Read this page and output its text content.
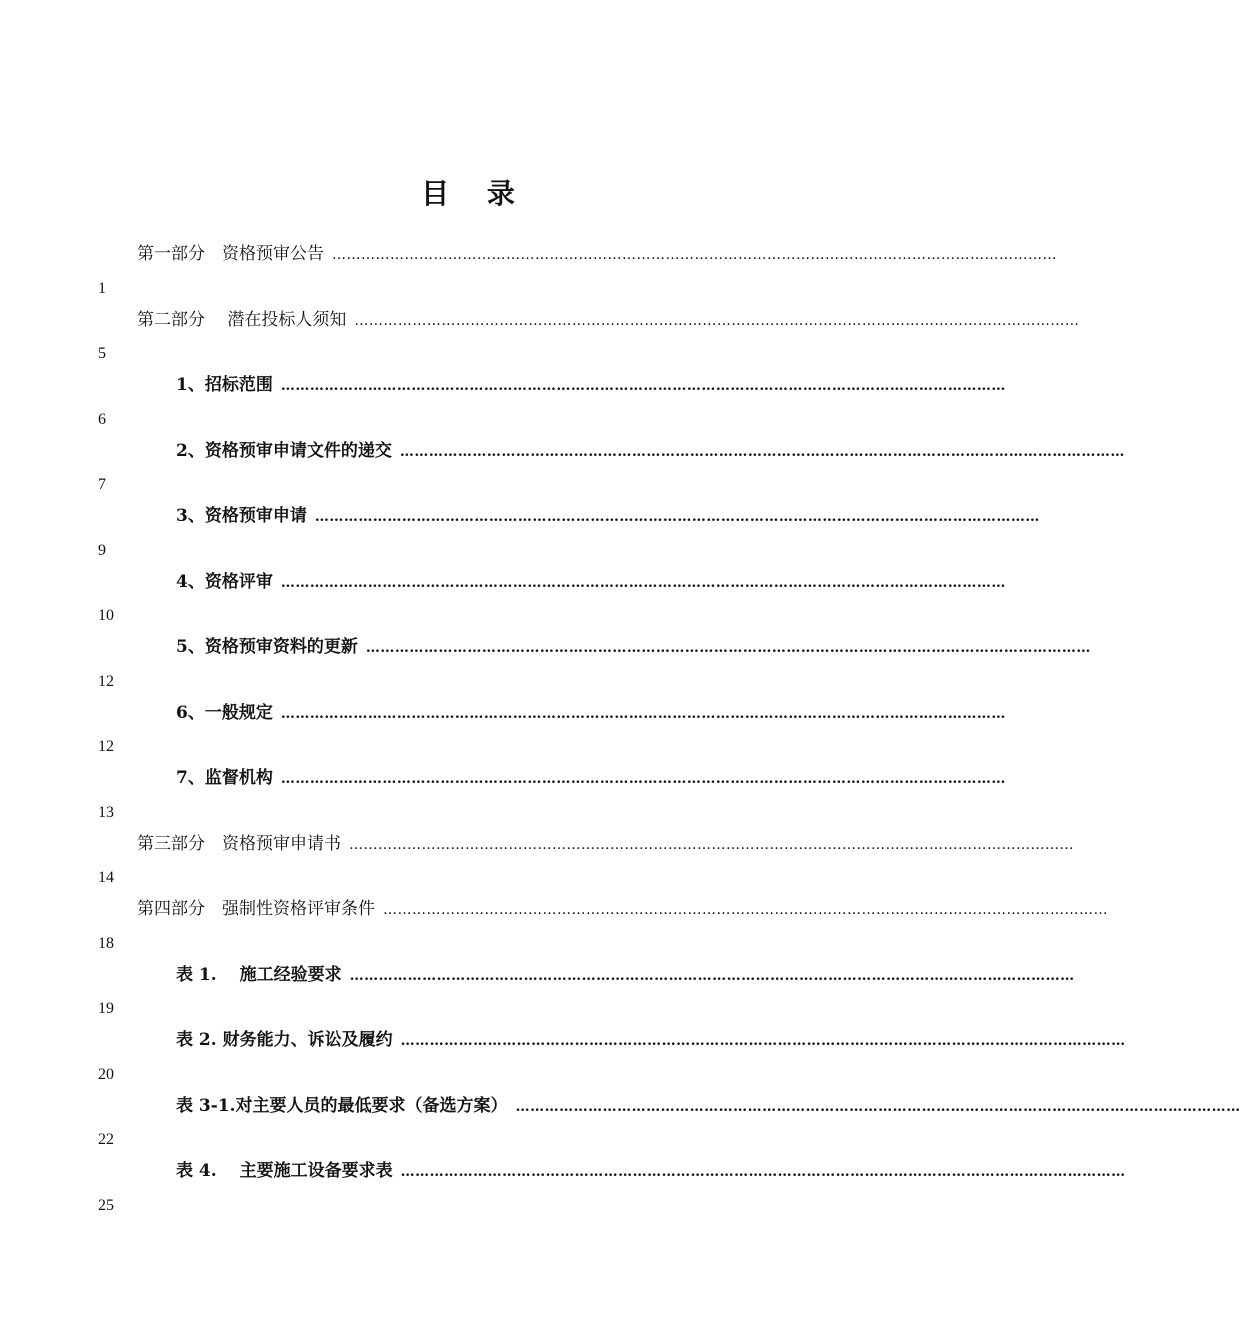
目 录
第一部分　资格预审公告 ……………………………………………………………………………………………………………………………………
1
第二部分　 潜在投标人须知 ……………………………………………………………………………………………………………………………………
5
1、招标范围 ……………………………………………………………………………………………………………………………………
6
2、资格预审申请文件的递交 ……………………………………………………………………………………………………………………………………
7
3、资格预审申请 ……………………………………………………………………………………………………………………………………
9
4、资格评审 ……………………………………………………………………………………………………………………………………
10
5、资格预审资料的更新 ……………………………………………………………………………………………………………………………………
12
6、一般规定 ……………………………………………………………………………………………………………………………………
12
7、监督机构 ……………………………………………………………………………………………………………………………………
13
第三部分　资格预审申请书 ……………………………………………………………………………………………………………………………………
14
第四部分　强制性资格评审条件 ……………………………………………………………………………………………………………………………………
18
表 1.　 施工经验要求 ……………………………………………………………………………………………………………………………………
19
表 2. 财务能力、诉讼及履约 ……………………………………………………………………………………………………………………………………
20
表 3-1.对主要人员的最低要求（备选方案） ……………………………………………………………………………………………………………………………………
22
表 4.　 主要施工设备要求表 ……………………………………………………………………………………………………………………………………
25
